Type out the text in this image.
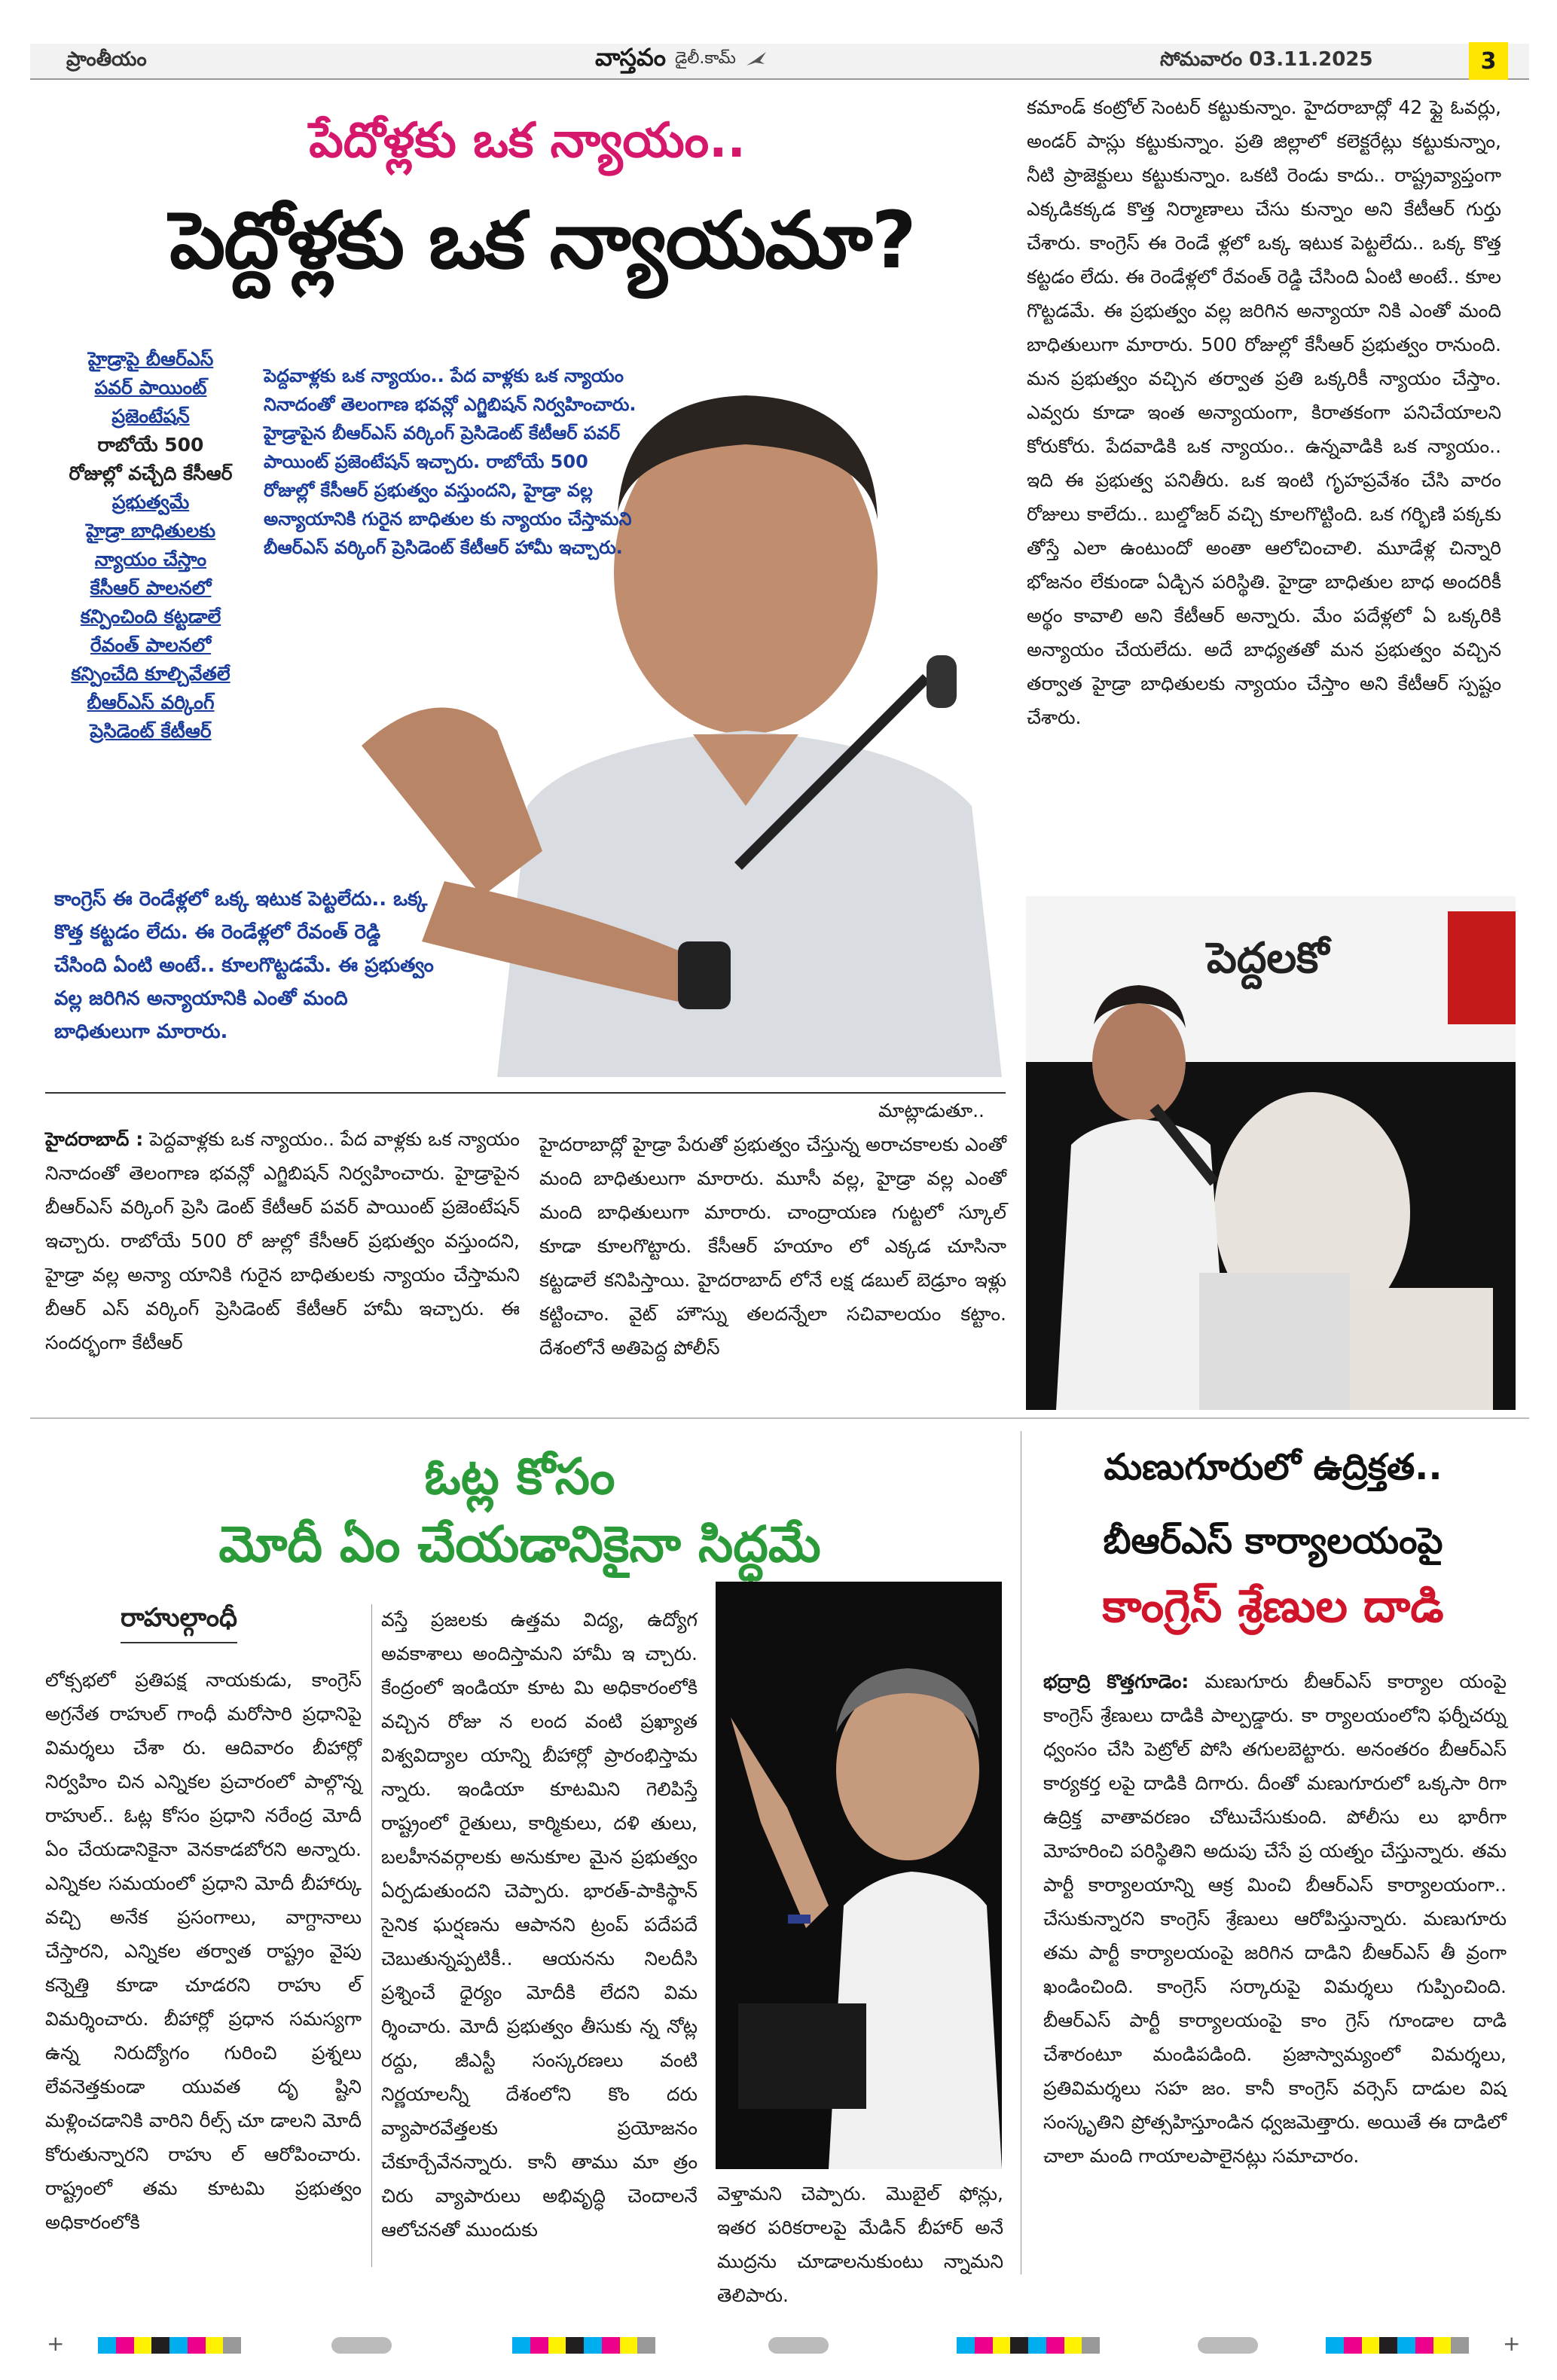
ప్రాంతీయం	వాస్తవం డైలీ.కామ్	సోమవారం 03.11.2025	3
పేదోళ్లకు ఒక న్యాయం..
పెద్దోళ్లకు ఒక న్యాయమా?
హైడ్రాపై బీఆర్ఎస్
పవర్ పాయింట్
ప్రజెంటేషన్
రాబోయే 500
రోజుల్లో వచ్చేది కేసీఆర్
ప్రభుత్వమే
హైడ్రా బాధితులకు
న్యాయం చేస్తాం
కేసీఆర్ పాలనలో
కన్పించింది కట్టడాలే
రేవంత్ పాలనలో
కన్పించేది కూల్చివేతలే
బీఆర్ఎస్ వర్కింగ్
ప్రెసిడెంట్ కేటీఆర్
పెద్దవాళ్లకు ఒక న్యాయం.. పేద వాళ్లకు ఒక న్యాయం నినాదంతో తెలంగాణ భవన్లో ఎగ్జిబిషన్ నిర్వహించారు. హైడ్రాపైన బీఆర్ఎస్ వర్కింగ్ ప్రెసిడెంట్ కేటీఆర్ పవర్ పాయింట్ ప్రజెంటేషన్ ఇచ్చారు. రాబోయే 500 రోజుల్లో కేసీఆర్ ప్రభుత్వం వస్తుందని, హైడ్రా వల్ల అన్యాయానికి గురైన బాధితుల కు న్యాయం చేస్తామని బీఆర్ఎస్ వర్కింగ్ ప్రెసిడెంట్ కేటీఆర్ హామీ ఇచ్చారు.
కాంగ్రెస్ ఈ రెండేళ్లలో ఒక్క ఇటుక పెట్టలేదు.. ఒక్క కొత్త కట్టడం లేదు. ఈ రెండేళ్లలో రేవంత్ రెడ్డి చేసింది ఏంటి అంటే.. కూలగొట్టడమే. ఈ ప్రభుత్వం వల్ల జరిగిన అన్యాయానికి ఎంతో మంది బాధితులుగా మారారు.

హైదరాబాద్ : పెద్దవాళ్లకు ఒక న్యాయం.. పేద వాళ్లకు ఒక న్యాయం నినాదంతో తెలంగాణ భవన్లో ఎగ్జిబిషన్ నిర్వహించారు. హైడ్రాపైన బీఆర్ఎస్ వర్కింగ్ ప్రెసి డెంట్ కేటీఆర్ పవర్ పాయింట్ ప్రజెంటేషన్ ఇచ్చారు. రాబోయే 500 రో జుల్లో కేసీఆర్ ప్రభుత్వం వస్తుందని, హైడ్రా వల్ల అన్యా యానికి గురైన బాధితులకు న్యాయం చేస్తామని బీఆర్ ఎస్ వర్కింగ్ ప్రెసిడెంట్ కేటీఆర్ హామీ ఇచ్చారు. ఈ సందర్భంగా కేటీఆర్

మాట్లాడుతూ..

హైదరాబాద్లో హైడ్రా పేరుతో ప్రభుత్వం చేస్తున్న అరాచకాలకు ఎంతో మంది బాధితులుగా మారారు. మూసీ వల్ల, హైడ్రా వల్ల ఎంతో మంది బాధితులుగా మారారు. చాంద్రాయణ గుట్టలో స్కూల్ కూడా కూలగొట్టారు. కేసీఆర్ హయాం లో ఎక్కడ చూసినా కట్టడాలే కనిపిస్తాయి. హైదరాబాద్ లోనే లక్ష డబుల్ బెడ్రూం ఇళ్లు కట్టించాం. వైట్ హౌస్ను తలదన్నేలా సచివాలయం కట్టాం. దేశంలోనే అతిపెద్ద పోలీస్

కమాండ్ కంట్రోల్ సెంటర్ కట్టుకున్నాం. హైదరాబాద్లో 42 ఫ్లై ఓవర్లు, అండర్ పాస్లు కట్టుకున్నాం. ప్రతి జిల్లాలో కలెక్టరేట్లు కట్టుకున్నాం, నీటి ప్రాజెక్టులు కట్టుకున్నాం. ఒకటి రెండు కాదు.. రాష్ట్రవ్యాప్తంగా ఎక్కడికక్కడ కొత్త నిర్మాణాలు చేసు కున్నాం అని కేటీఆర్ గుర్తు చేశారు. కాంగ్రెస్ ఈ రెండే ళ్లలో ఒక్క ఇటుక పెట్టలేదు.. ఒక్క కొత్త కట్టడం లేదు. ఈ రెండేళ్లలో రేవంత్ రెడ్డి చేసింది ఏంటి అంటే.. కూల గొట్టడమే. ఈ ప్రభుత్వం వల్ల జరిగిన అన్యాయా నికి ఎంతో మంది బాధితులుగా మారారు. 500 రోజుల్లో కేసీఆర్ ప్రభుత్వం రానుంది. మన ప్రభుత్వం వచ్చిన తర్వాత ప్రతి ఒక్కరికీ న్యాయం చేస్తాం. ఎవ్వరు కూడా ఇంత అన్యాయంగా, కిరాతకంగా పనిచేయాలని కోరుకోరు. పేదవాడికి ఒక న్యాయం.. ఉన్నవాడికి ఒక న్యాయం.. ఇది ఈ ప్రభుత్వ పనితీరు. ఒక ఇంటి గృహప్రవేశం చేసి వారం రోజులు కాలేదు.. బుల్డోజర్ వచ్చి కూలగొట్టింది. ఒక గర్భిణి పక్కకు తోస్తే ఎలా ఉంటుందో అంతా ఆలోచించాలి. మూడేళ్ల చిన్నారి భోజనం లేకుండా ఏడ్చిన పరిస్థితి. హైడ్రా బాధితుల బాధ అందరికీ అర్థం కావాలి అని కేటీఆర్ అన్నారు. మేం పదేళ్లలో ఏ ఒక్కరికి అన్యాయం చేయలేదు. అదే బాధ్యతతో మన ప్రభుత్వం వచ్చిన తర్వాత హైడ్రా బాధితులకు న్యాయం చేస్తాం అని కేటీఆర్ స్పష్టం చేశారు.

పెద్దలకో
ఓట్ల కోసం
మోదీ ఏం చేయడానికైనా సిద్ధమే
రాహుల్గాంధీ

లోక్సభలో ప్రతిపక్ష నాయకుడు, కాంగ్రెస్ అగ్రనేత రాహుల్ గాంధీ మరోసారి ప్రధానిపై విమర్శలు చేశా రు. ఆదివారం బీహార్లో నిర్వహిం చిన ఎన్నికల ప్రచారంలో పాల్గొన్న రాహుల్.. ఓట్ల కోసం ప్రధాని నరేంద్ర మోదీ ఏం చేయడానికైనా వెనకాడబోరని అన్నారు. ఎన్నికల సమయంలో ప్రధాని మోదీ బీహార్కు వచ్చి అనేక ప్రసంగాలు, వాగ్దానాలు చేస్తారని, ఎన్నికల తర్వాత రాష్ట్రం వైపు కన్నెత్తి కూడా చూడరని రాహు ల్ విమర్శించారు. బీహార్లో ప్రధాన సమస్యగా ఉన్న నిరుద్యోగం గురించి ప్రశ్నలు లేవనెత్తకుండా యువత దృ ష్టిని మళ్లించడానికి వారిని రీల్స్ చూ డాలని మోదీ కోరుతున్నారని రాహు ల్ ఆరోపించారు. రాష్ట్రంలో తమ కూటమి ప్రభుత్వం అధికారంలోకి

వస్తే ప్రజలకు ఉత్తమ విద్య, ఉద్యోగ అవకాశాలు అందిస్తామని హామీ ఇ చ్చారు. కేంద్రంలో ఇండియా కూట మి అధికారంలోకి వచ్చిన రోజు న లంద వంటి ప్రఖ్యాత విశ్వవిద్యాల యాన్ని బీహార్లో ప్రారంభిస్తామ న్నారు. ఇండియా కూటమిని గెలిపిస్తే రాష్ట్రంలో రైతులు, కార్మికులు, దళి తులు, బలహీనవర్గాలకు అనుకూల మైన ప్రభుత్వం ఏర్పడుతుందని చెప్పారు. భారత్-పాకిస్థాన్ సైనిక ఘర్షణను ఆపానని ట్రంప్ పదేపదే చెబుతున్నప్పటికీ.. ఆయనను నిలదీసి ప్రశ్నించే ధైర్యం మోదీకి లేదని విమ ర్శించారు. మోదీ ప్రభుత్వం తీసుకు న్న నోట్ల రద్దు, జీఎస్టీ సంస్కరణలు వంటి నిర్ణయాలన్నీ దేశంలోని కొం దరు వ్యాపారవేత్తలకు ప్రయోజనం చేకూర్చేవేనన్నారు. కానీ తాము మా త్రం చిరు వ్యాపారులు అభివృద్ధి చెందాలనే ఆలోచనతో ముందుకు

వెళ్తామని చెప్పారు. మొబైల్ ఫోన్లు, ఇతర పరికరాలపై మేడిన్ బీహార్ అనే ముద్రను చూడాలనుకుంటు న్నామని తెలిపారు.

మణుగూరులో ఉద్రిక్తత..
బీఆర్ఎస్ కార్యాలయంపై
కాంగ్రెస్ శ్రేణుల దాడి

భద్రాద్రి కొత్తగూడెం: మణుగూరు బీఆర్ఎస్ కార్యాల యంపై కాంగ్రెస్ శ్రేణులు దాడికి పాల్పడ్డారు. కా ర్యాలయంలోని ఫర్నీచర్ను ధ్వంసం చేసి పెట్రోల్ పోసి తగులబెట్టారు. అనంతరం బీఆర్ఎస్ కార్యకర్త లపై దాడికి దిగారు. దీంతో మణుగూరులో ఒక్కసా రిగా ఉద్రిక్త వాతావరణం చోటుచేసుకుంది. పోలీసు లు భారీగా మోహరించి పరిస్థితిని అదుపు చేసే ప్ర యత్నం చేస్తున్నారు. తమ పార్టీ కార్యాలయాన్ని ఆక్ర మించి బీఆర్ఎస్ కార్యాలయంగా.. చేసుకున్నారని కాంగ్రెస్ శ్రేణులు ఆరోపిస్తున్నారు. మణుగూరు తమ పార్టీ కార్యాలయంపై జరిగిన దాడిని బీఆర్ఎస్ తీ వ్రంగా ఖండించింది. కాంగ్రెస్ సర్కారుపై విమర్శలు గుప్పించింది. బీఆర్ఎస్ పార్టీ కార్యాలయంపై కాం గ్రెస్ గూండాల దాడి చేశారంటూ మండిపడింది. ప్రజాస్వామ్యంలో విమర్శలు, ప్రతివిమర్శలు సహ జం. కానీ కాంగ్రెస్ వర్సెస్ దాడుల విష సంస్కృతిని ప్రోత్సహిస్తూండిన ధ్వజమెత్తారు. అయితే ఈ దాడిలో చాలా మంది గాయాలపాలైనట్లు సమాచారం.

+	+
